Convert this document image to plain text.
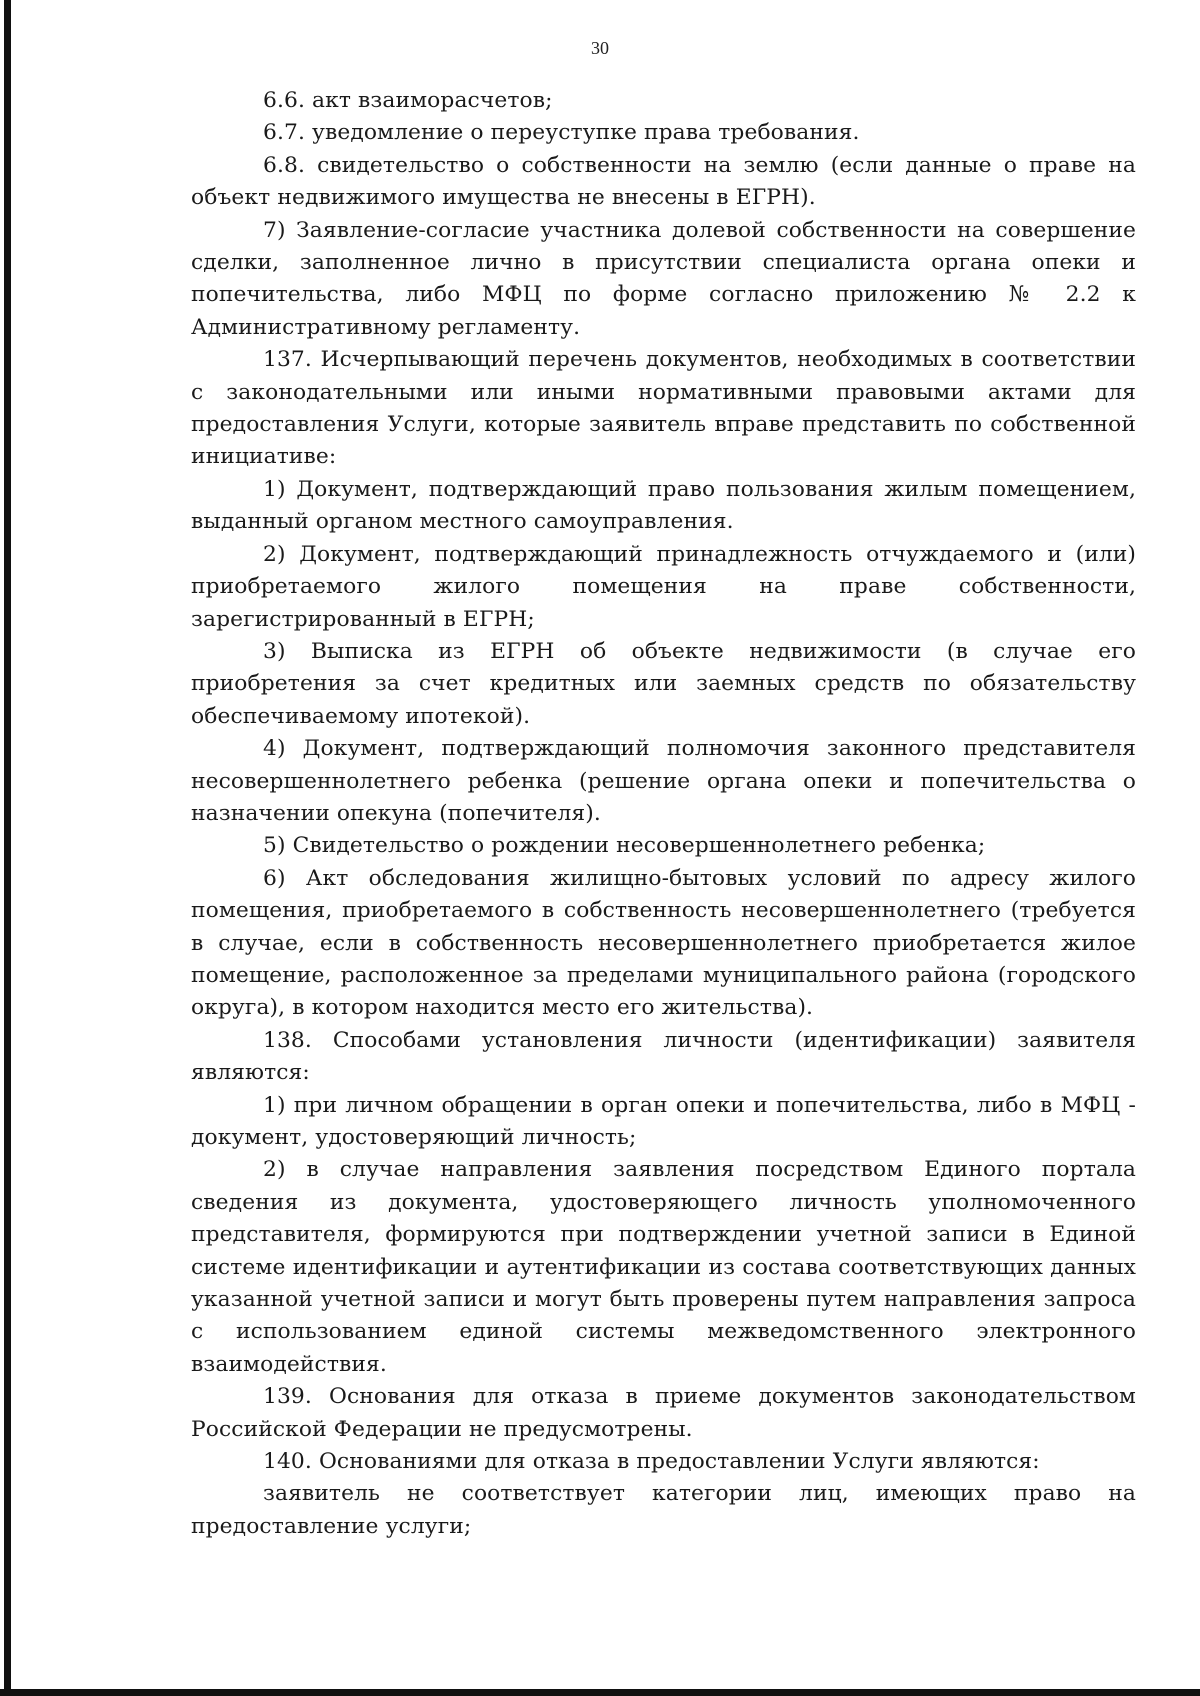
30

6.6. акт взаиморасчетов;

6.7. уведомление о переуступке права требования.

6.8. свидетельство о собственности на землю (если данные о праве на объект недвижимого имущества не внесены в ЕГРН).

7) Заявление-согласие участника долевой собственности на совершение сделки, заполненное лично в присутствии специалиста органа опеки и попечительства, либо МФЦ по форме согласно приложению № 2.2 к Административному регламенту.

137. Исчерпывающий перечень документов, необходимых в соответствии с законодательными или иными нормативными правовыми актами для предоставления Услуги, которые заявитель вправе представить по собственной инициативе:

1) Документ, подтверждающий право пользования жилым помещением, выданный органом местного самоуправления.

2) Документ, подтверждающий принадлежность отчуждаемого и (или) приобретаемого жилого помещения на праве собственности, зарегистрированный в ЕГРН;

3) Выписка из ЕГРН об объекте недвижимости (в случае его приобретения за счет кредитных или заемных средств по обязательству обеспечиваемому ипотекой).

4) Документ, подтверждающий полномочия законного представителя несовершеннолетнего ребенка (решение органа опеки и попечительства о назначении опекуна (попечителя).

5) Свидетельство о рождении несовершеннолетнего ребенка;

6) Акт обследования жилищно-бытовых условий по адресу жилого помещения, приобретаемого в собственность несовершеннолетнего (требуется в случае, если в собственность несовершеннолетнего приобретается жилое помещение, расположенное за пределами муниципального района (городского округа), в котором находится место его жительства).

138. Способами установления личности (идентификации) заявителя являются:

1) при личном обращении в орган опеки и попечительства, либо в МФЦ - документ, удостоверяющий личность;

2) в случае направления заявления посредством Единого портала сведения из документа, удостоверяющего личность уполномоченного представителя, формируются при подтверждении учетной записи в Единой системе идентификации и аутентификации из состава соответствующих данных указанной учетной записи и могут быть проверены путем направления запроса с использованием единой системы межведомственного электронного взаимодействия.

139. Основания для отказа в приеме документов законодательством Российской Федерации не предусмотрены.

140. Основаниями для отказа в предоставлении Услуги являются:

заявитель не соответствует категории лиц, имеющих право на предоставление услуги;
